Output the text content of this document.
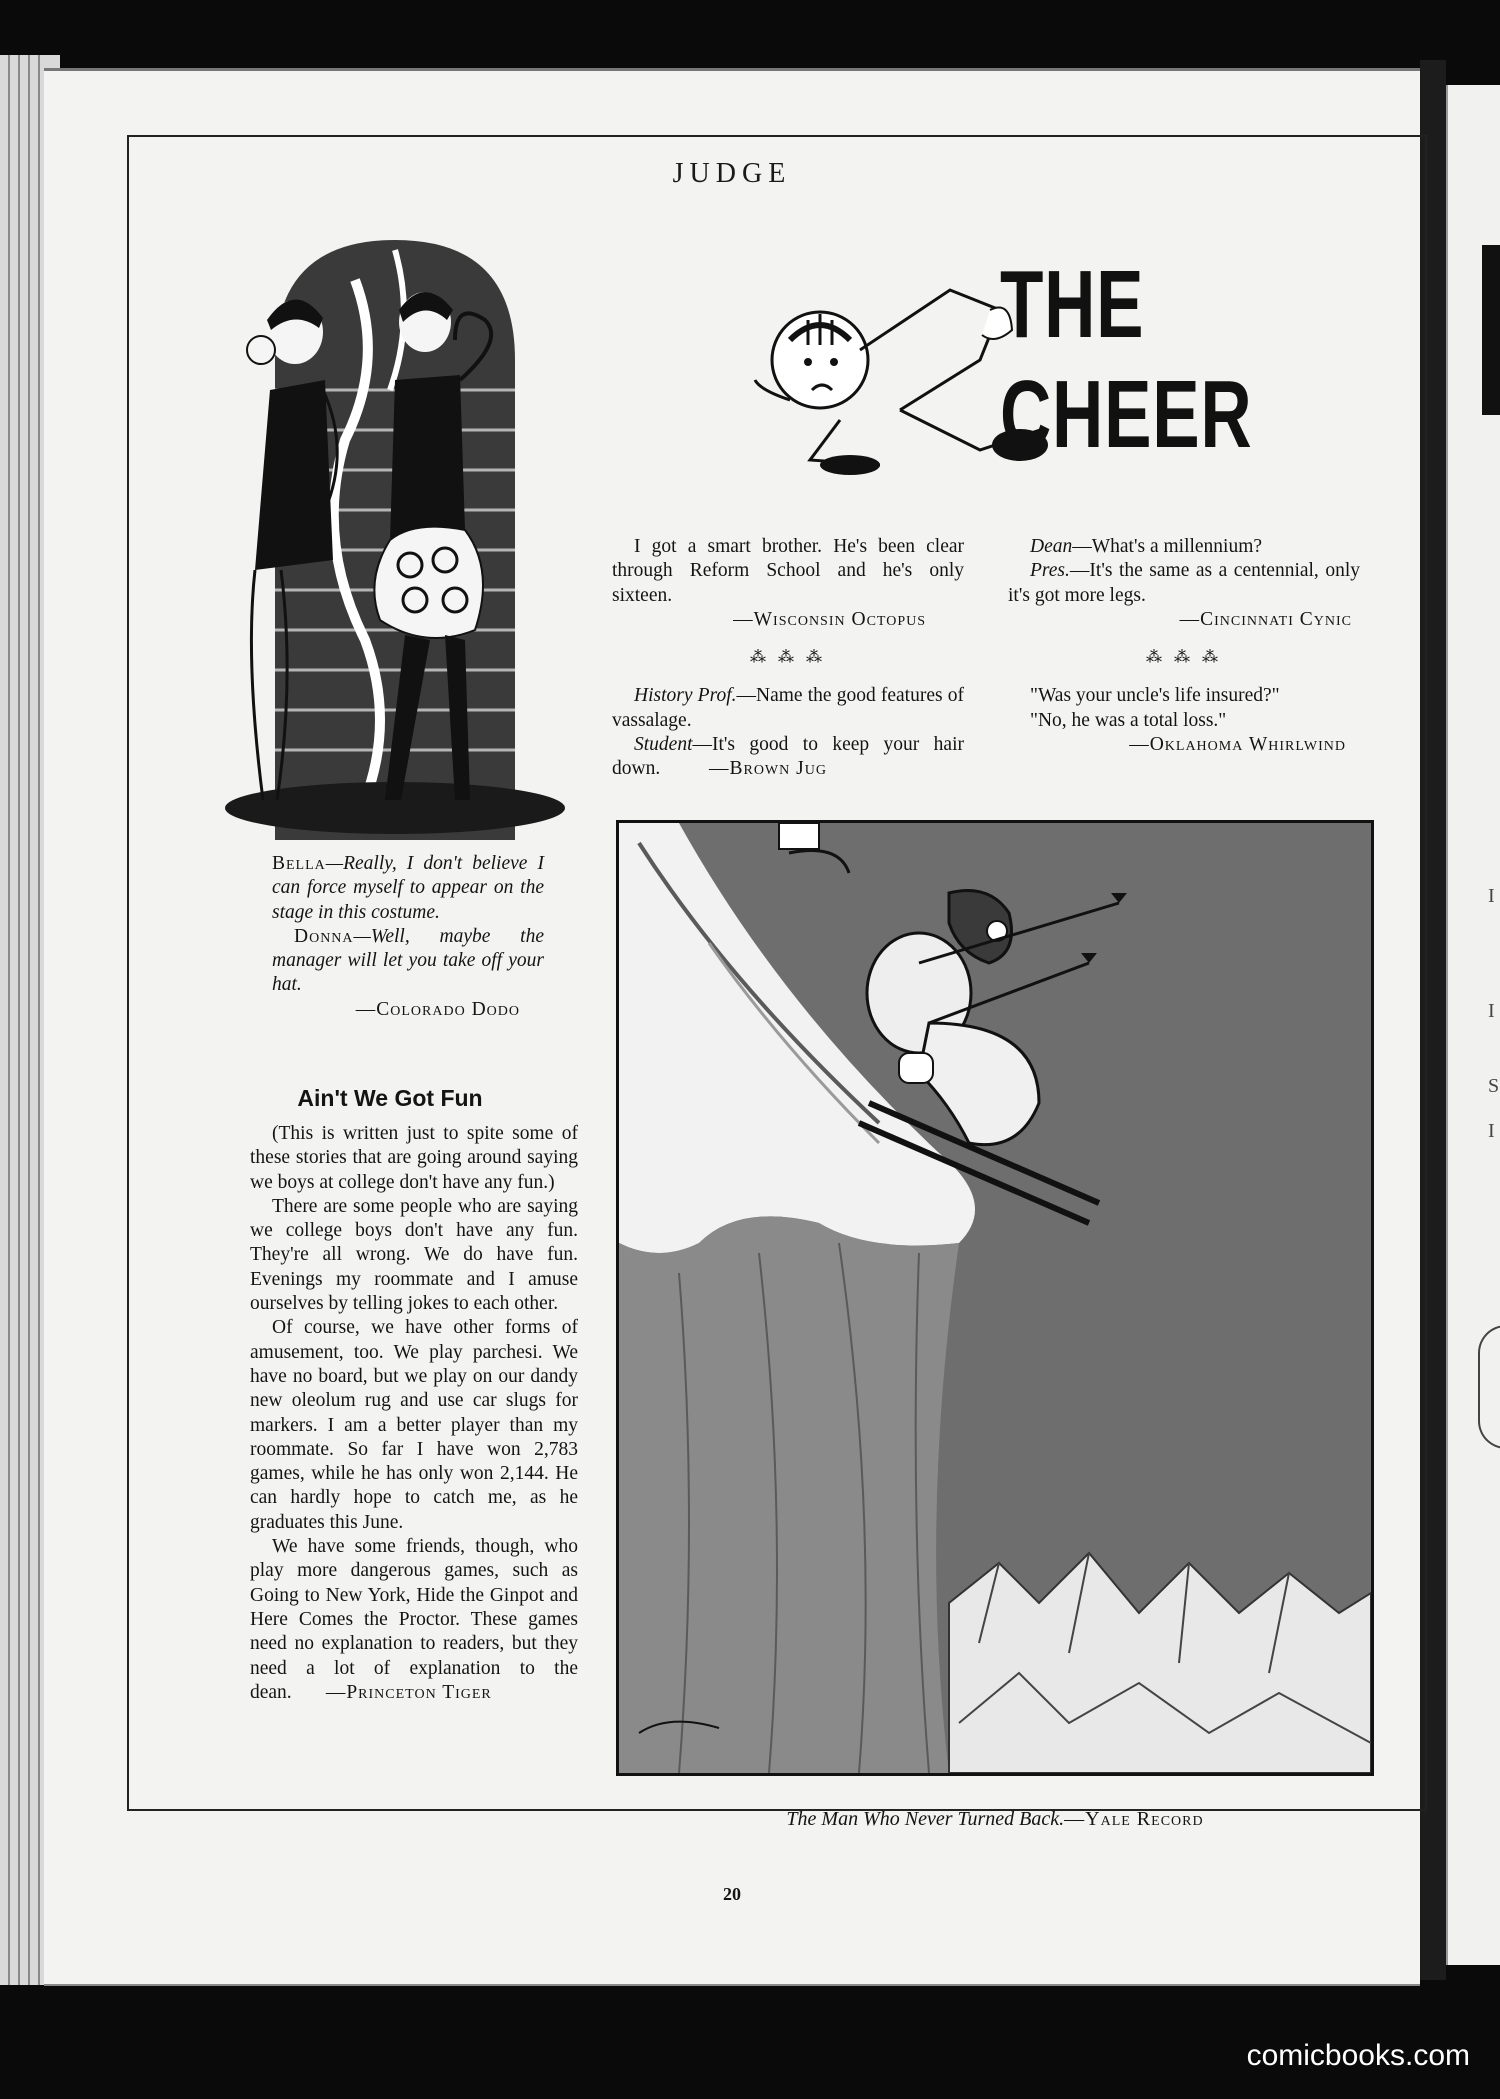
I
I
S
I
JUDGE
20

Bella—Really, I don't believe I can force myself to appear on the stage in this costume.

Donna—Well, maybe the manager will let you take off your hat.

—Colorado Dodo
Ain't We Got Fun

(This is written just to spite some of these stories that are going around saying we boys at college don't have any fun.)

There are some people who are saying we college boys don't have any fun. They're all wrong. We do have fun. Evenings my roommate and I amuse ourselves by telling jokes to each other.

Of course, we have other forms of amusement, too. We play parchesi. We have no board, but we play on our dandy new oleolum rug and use car slugs for markers. I am a better player than my roommate. So far I have won 2,783 games, while he has only won 2,144. He can hardly hope to catch me, as he graduates this June.

We have some friends, though, who play more dangerous games, such as Going to New York, Hide the Ginpot and Here Comes the Proctor. These games need no explanation to readers, but they need a lot of explanation to the dean. —Princeton Tiger

THE CHEER

I got a smart brother. He's been clear through Reform School and he's only sixteen.

—Wisconsin Octopus
⁂ ⁂ ⁂

History Prof.—Name the good features of vassalage.

Student—It's good to keep your hair down.	—Brown Jug

Dean—What's a millennium?

Pres.—It's the same as a centennial, only it's got more legs.

—Cincinnati Cynic
⁂ ⁂ ⁂

"Was your uncle's life insured?"

"No, he was a total loss."

—Oklahoma Whirlwind
The Man Who Never Turned Back.—Yale Record
comicbooks.com
